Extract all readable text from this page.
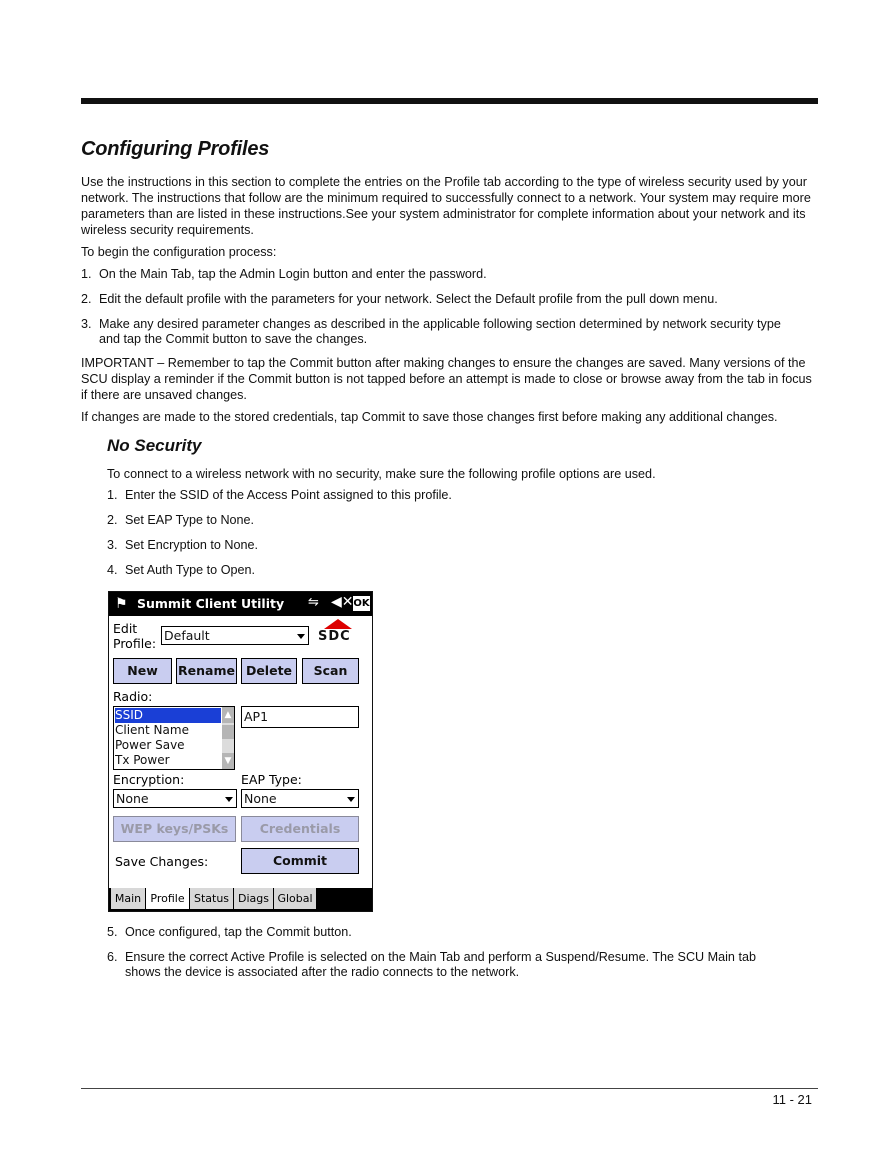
Configuring Profiles

Use the instructions in this section to complete the entries on the Profile tab according to the type of wireless security used by your network. The instructions that follow are the minimum required to successfully connect to a network. Your system may require more parameters than are listed in these instructions.See your system administrator for complete information about your network and its wireless security requirements.

To begin the configuration process:

1. On the Main Tab, tap the Admin Login button and enter the password.
2. Edit the default profile with the parameters for your network. Select the Default profile from the pull down menu.
3. Make any desired parameter changes as described in the applicable following section determined by network security type
and tap the Commit button to save the changes.

IMPORTANT – Remember to tap the Commit button after making changes to ensure the changes are saved. Many versions of the SCU display a reminder if the Commit button is not tapped before an attempt is made to close or browse away from the tab in focus if there are unsaved changes.

If changes are made to the stored credentials, tap Commit to save those changes first before making any additional changes.

No Security

To connect to a wireless network with no security, make sure the following profile options are used.

1. Enter the SSID of the Access Point assigned to this profile.
2. Set EAP Type to None.
3. Set Encryption to None.
4. Set Auth Type to Open.
⚑ Summit Client Utility ⇋ ◀✕ OK
Edit
Profile:
Default	SDC
New	Rename Delete	Scan
Radio:
SSID
Client Name
Power Save
Tx Power
▲
▼
AP1
Encryption:	EAP Type:
None	None
WEP keys/PSKs	Credentials
Save Changes:	Commit
Main Profile Status Diags Global
5. Once configured, tap the Commit button.
6. Ensure the correct Active Profile is selected on the Main Tab and perform a Suspend/Resume. The SCU Main tab
shows the device is associated after the radio connects to the network.
11 - 21
